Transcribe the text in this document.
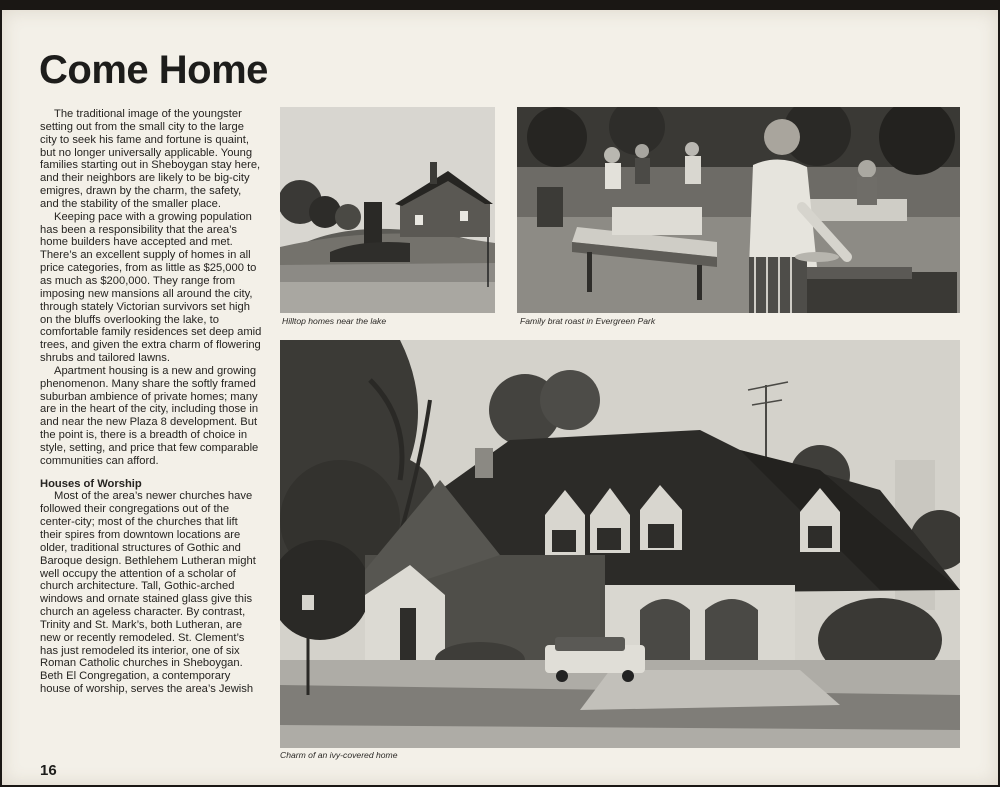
Come Home

The traditional image of the youngster setting out from the small city to the large city to seek his fame and fortune is quaint, but no longer universally applicable. Young families starting out in Sheboygan stay here, and their neighbors are likely to be big-city emigres, drawn by the charm, the safety, and the stability of the smaller place.

Keeping pace with a growing population has been a responsibility that the area’s home builders have accepted and met. There’s an excellent supply of homes in all price categories, from as little as $25,000 to as much as $200,000. They range from imposing new mansions all around the city, through stately Victorian survivors set high on the bluffs overlooking the lake, to comfortable family residences set deep amid trees, and given the extra charm of flowering shrubs and tailored lawns.

Apartment housing is a new and growing phenomenon. Many share the softly framed suburban ambience of private homes; many are in the heart of the city, including those in and near the new Plaza 8 development. But the point is, there is a breadth of choice in style, setting, and price that few comparable communities can afford.

Houses of Worship

Most of the area’s newer churches have followed their congregations out of the center-city; most of the churches that lift their spires from downtown locations are older, traditional structures of Gothic and Baroque design. Bethlehem Lutheran might well occupy the attention of a scholar of church architecture. Tall, Gothic-arched windows and ornate stained glass give this church an ageless character. By contrast, Trinity and St. Mark’s, both Lutheran, are new or recently remodeled. St. Clement’s has just remodeled its interior, one of six Roman Catholic churches in Sheboygan. Beth El Congregation, a contemporary house of worship, serves the area’s Jewish

16
Hilltop homes near the lake	Family brat roast in Evergreen Park
Charm of an ivy-covered home
